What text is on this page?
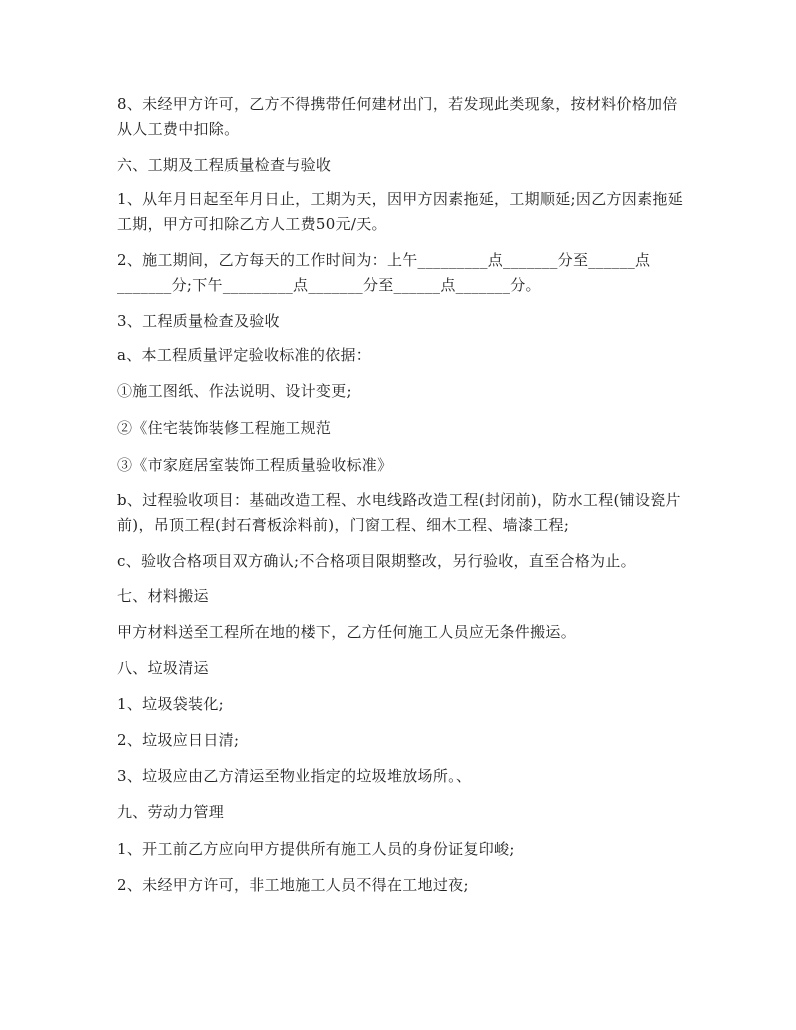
8、未经甲方许可，乙方不得携带任何建材出门，若发现此类现象，按材料价格加倍从人工费中扣除。
六、工期及工程质量检查与验收
1、从年月日起至年月日止，工期为天，因甲方因素拖延，工期顺延;因乙方因素拖延工期，甲方可扣除乙方人工费50元/天。
2、施工期间，乙方每天的工作时间为：上午_________点_______分至______点_______分;下午_________点_______分至______点_______分。
3、工程质量检查及验收
a、本工程质量评定验收标准的依据：
①施工图纸、作法说明、设计变更;
②《住宅装饰装修工程施工规范
③《市家庭居室装饰工程质量验收标准》
b、过程验收项目：基础改造工程、水电线路改造工程(封闭前)，防水工程(铺设瓷片前)，吊顶工程(封石膏板涂料前)，门窗工程、细木工程、墙漆工程;
c、验收合格项目双方确认;不合格项目限期整改，另行验收，直至合格为止。
七、材料搬运
甲方材料送至工程所在地的楼下，乙方任何施工人员应无条件搬运。
八、垃圾清运
1、垃圾袋装化;
2、垃圾应日日清;
3、垃圾应由乙方清运至物业指定的垃圾堆放场所。、
九、劳动力管理
1、开工前乙方应向甲方提供所有施工人员的身份证复印峻;
2、未经甲方许可，非工地施工人员不得在工地过夜;
